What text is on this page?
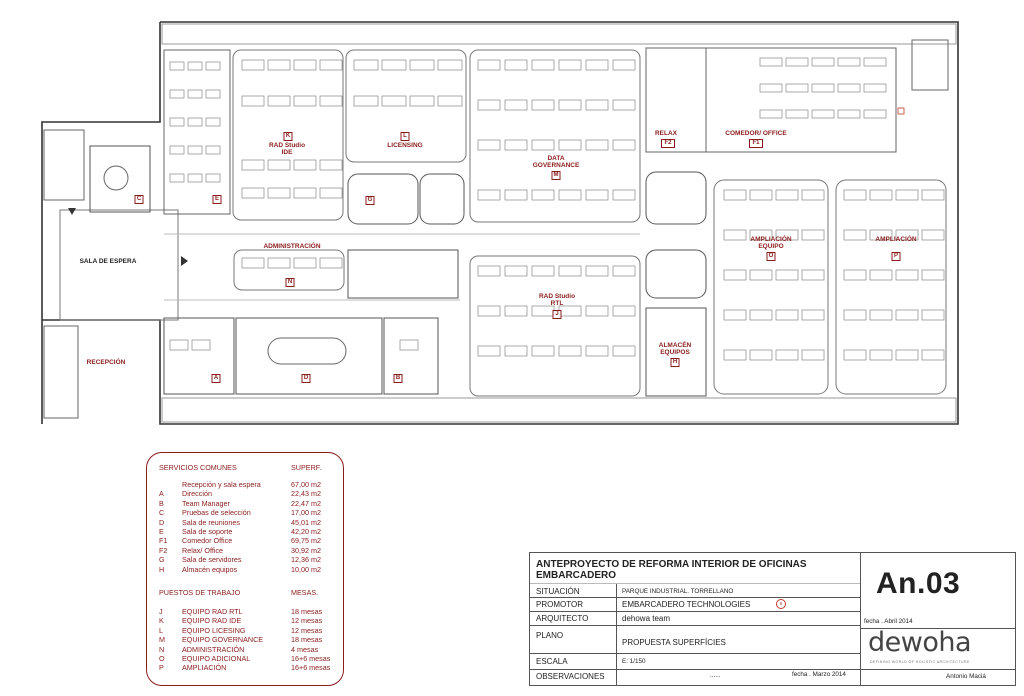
SALA DE ESPERA
RECEPCIÓN
RAD Studio
IDE
K	L
LICENSING
DATA
GOVERNANCE
M
RELAX
F2
COMEDOR/ OFFICE
F1
C	E	G
AMPLIACIÓN
EQUIPO
O
AMPLIACIÓN
P
ADMINISTRACIÓN
N
RAD Studio
RTL
J
ALMACÉN
EQUIPOS
H
A	D	B
SERVICIOS COMUNES	SUPERF.
Recepción y sala espera	67,00 m2
A	Dirección	22,43 m2
B	Team Manager	22,47 m2
C Pruebas de selección	17,00 m2
D Sala de reuniones	45,01 m2
E	Sala de soporte	42,20 m2
F1 Comedor Office	69,75 m2
F2 Relax/ Office	30,92 m2
G Sala de servidores	12,36 m2
H Almacén equipos	10,00 m2
PUESTOS DE TRABAJO	MESAS.
J	EQUIPO RAD RTL	18 mesas
K	EQUIPO RAD IDE	12 mesas
L	EQUIPO LICESING	12 mesas
M EQUIPO GOVERNANCE	18 mesas
N ADMINISTRACIÓN	4 mesas
O EQUIPO ADICIONAL	16+6 mesas
P	AMPLIACIÓN	16+6 mesas
ANTEPROYECTO DE REFORMA INTERIOR DE OFICINAS
EMBARCADERO	An.03
SITUACIÓN	PARQUE INDUSTRIAL. TORRELLANO
PROMOTOR	EMBARCADERO TECHNOLOGIES	e
ARQUITECTO	dehowa team	fecha . Abril 2014
PLANO
PROPUESTA SUPERFÍCIES	dewoha
DEFINING WORLD OF HOLISTIC ARCHITECTURE
ESCALA	E: 1/150
OBSERVACIONES	......	fecha . Marzo 2014	Antonio Maciá
